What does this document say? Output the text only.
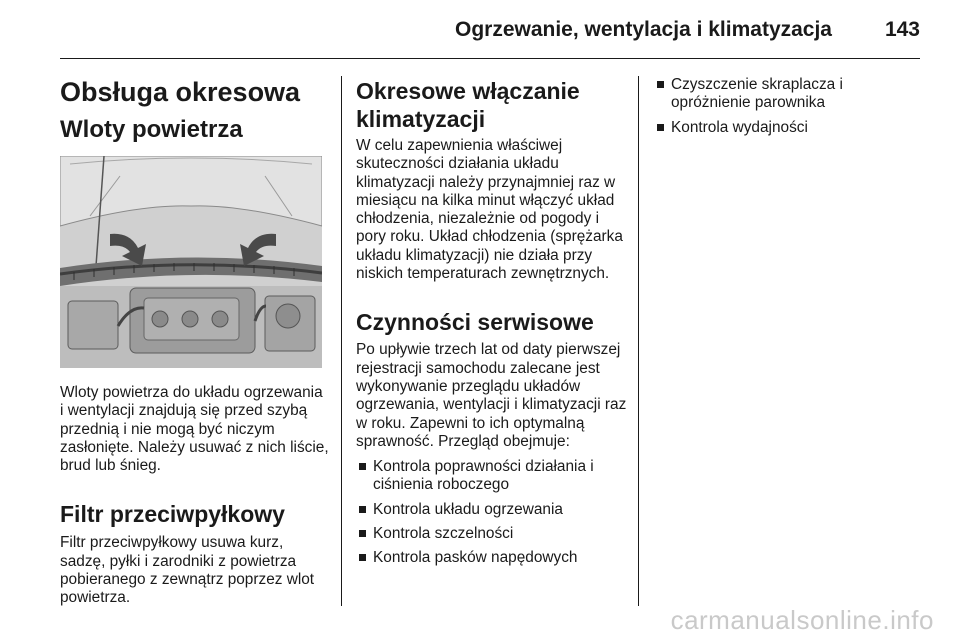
Ogrzewanie, wentylacja i klimatyzacja	143
Obsługa okresowa
Wloty powietrza

Wloty powietrza do układu ogrzewania i wentylacji znajdują się przed szybą przednią i nie mogą być niczym zasłonięte. Należy usuwać z nich liście, brud lub śnieg.

Filtr przeciwpyłkowy

Filtr przeciwpyłkowy usuwa kurz, sadzę, pyłki i zarodniki z powietrza pobieranego z zewnątrz poprzez wlot powietrza.

Okresowe włączanie klimatyzacji

W celu zapewnienia właściwej skuteczności działania układu klimatyzacji należy przynajmniej raz w miesiącu na kilka minut włączyć układ chłodzenia, niezależnie od pogody i pory roku. Układ chłodzenia (sprężarka układu klimatyzacji) nie działa przy niskich temperaturach zewnętrznych.

Czynności serwisowe

Po upływie trzech lat od daty pierwszej rejestracji samochodu zalecane jest wykonywanie przeglądu układów ogrzewania, wentylacji i klimatyzacji raz w roku. Zapewni to ich optymalną sprawność. Przegląd obejmuje:

Kontrola poprawności działania i ciśnienia roboczego
Kontrola układu ogrzewania
Kontrola szczelności
Kontrola pasków napędowych
Czyszczenie skraplacza i opróżnienie parownika
Kontrola wydajności
carmanualsonline.info
